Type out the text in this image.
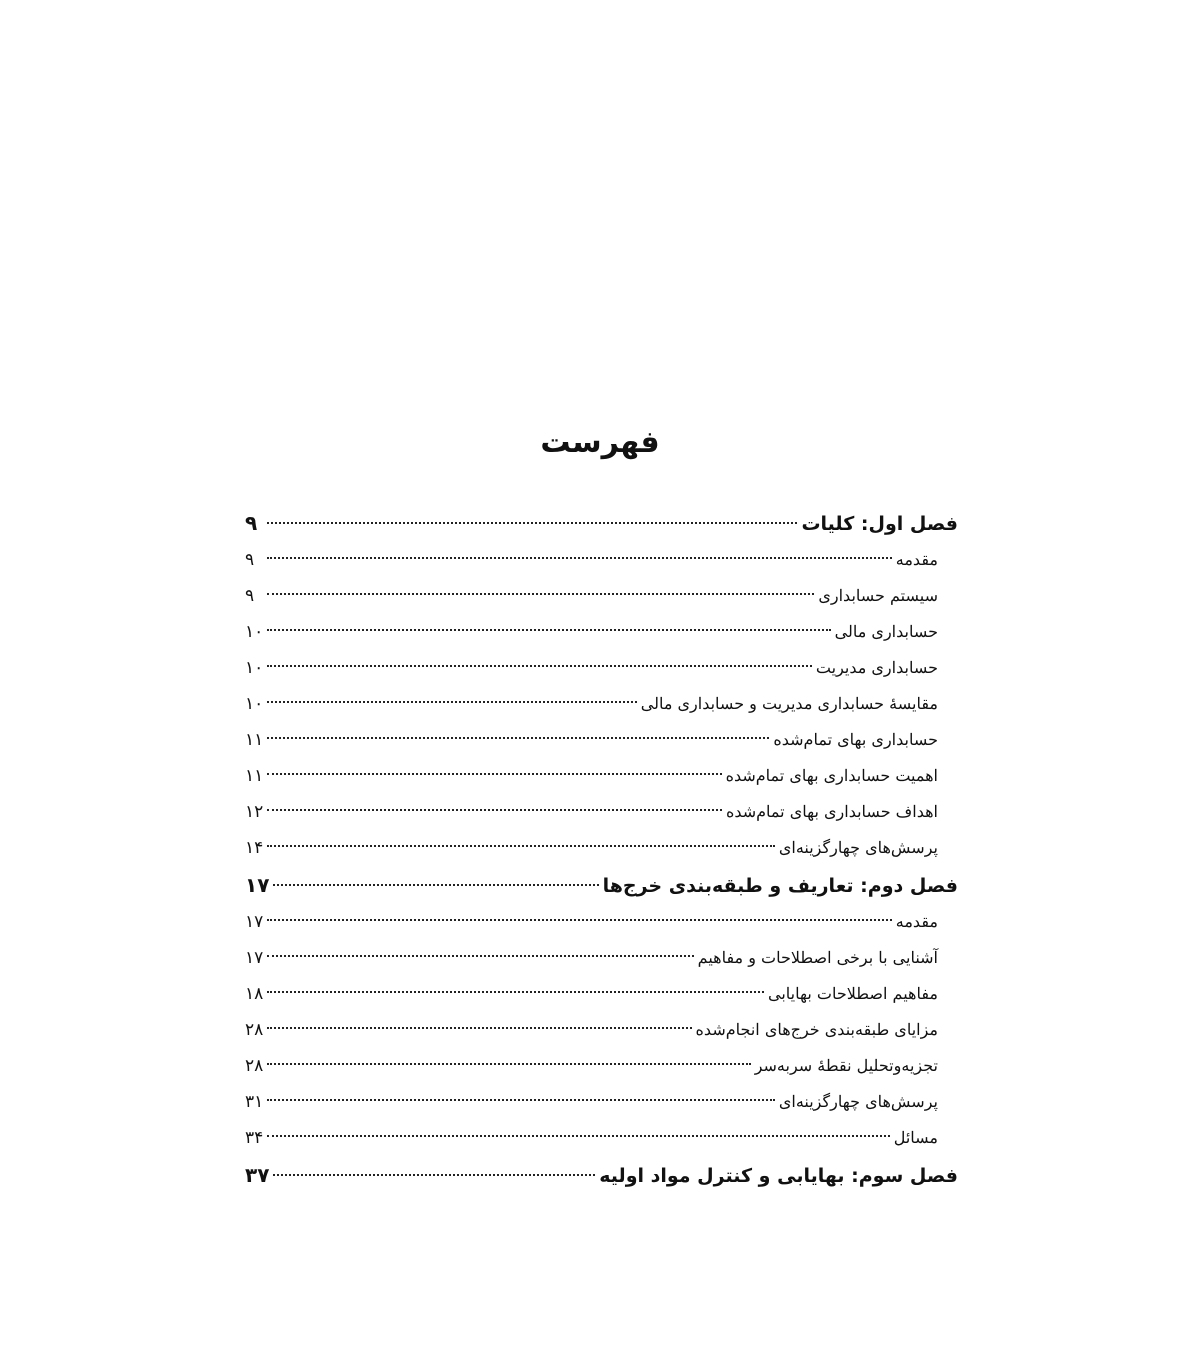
فهرست
فصل اول: کلیات
۹
مقدمه
۹
سیستم حسابداری
۹
حسابداری مالی
۱۰
حسابداری مدیریت
۱۰
مقایسهٔ حسابداری مدیریت و حسابداری مالی
۱۰
حسابداری بهای تمام‌شده
۱۱
اهمیت حسابداری بهای تمام‌شده
۱۱
اهداف حسابداری بهای تمام‌شده
۱۲
پرسش‌های چهارگزینه‌ای
۱۴
فصل دوم: تعاریف و طبقه‌بندی خرج‌ها
۱۷
مقدمه
۱۷
آشنایی با برخی اصطلاحات و مفاهیم
۱۷
مفاهیم اصطلاحات بهایابی
۱۸
مزایای طبقه‌بندی خرج‌های انجام‌شده
۲۸
تجزیه‌وتحلیل نقطهٔ سربه‌سر
۲۸
پرسش‌های چهارگزینه‌ای
۳۱
مسائل
۳۴
فصل سوم: بهایابی و کنترل مواد اولیه
۳۷
